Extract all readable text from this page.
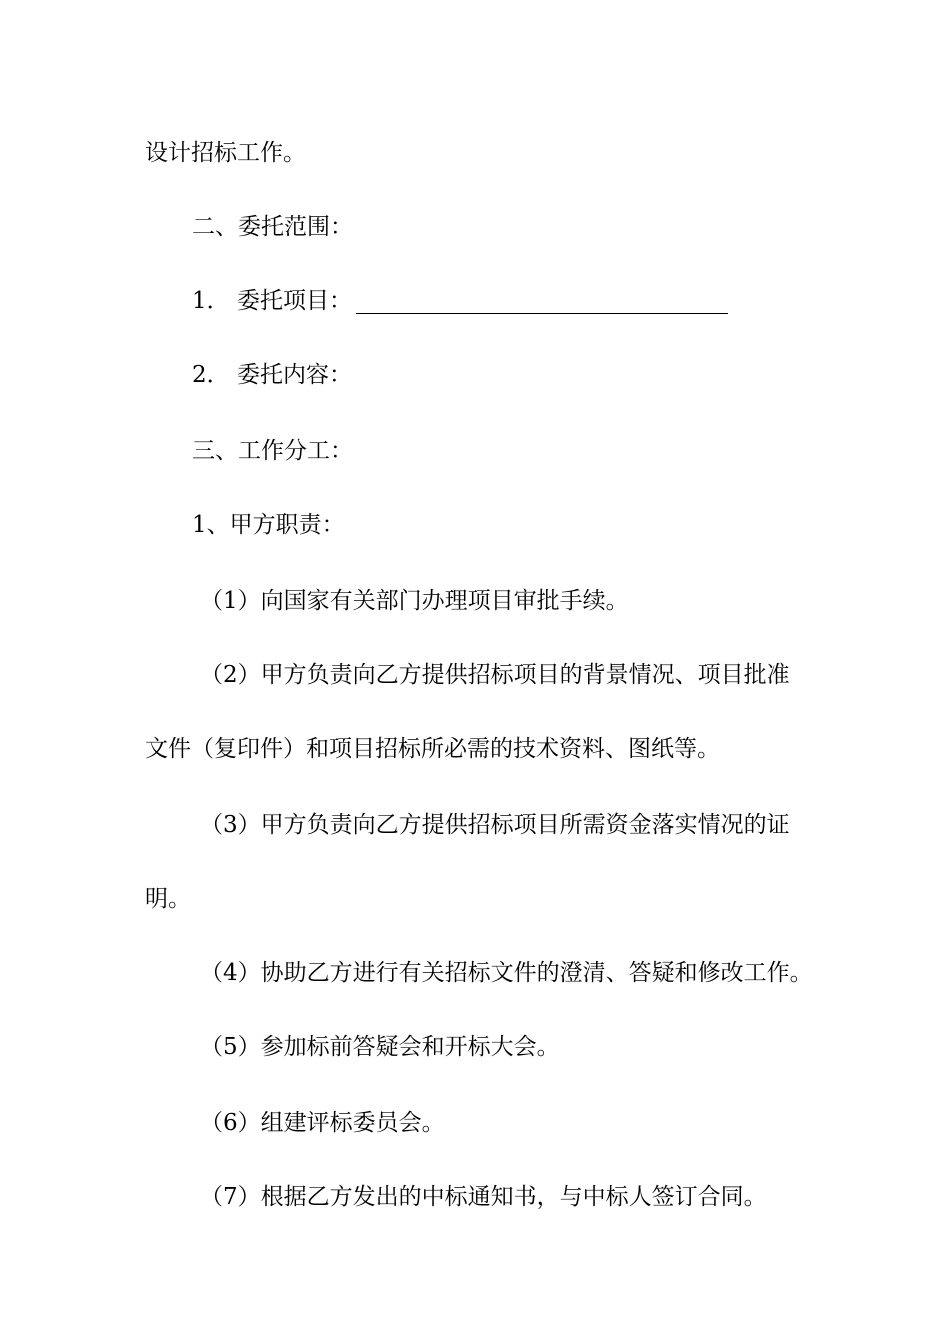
设计招标工作。
二、委托范围：
1． 委托项目：
2． 委托内容：
三、工作分工：
1、甲方职责：
（1）向国家有关部门办理项目审批手续。
（2）甲方负责向乙方提供招标项目的背景情况、项目批准
文件（复印件）和项目招标所必需的技术资料、图纸等。
（3）甲方负责向乙方提供招标项目所需资金落实情况的证
明。
（4）协助乙方进行有关招标文件的澄清、答疑和修改工作。
（5）参加标前答疑会和开标大会。
（6）组建评标委员会。
（7）根据乙方发出的中标通知书，与中标人签订合同。
